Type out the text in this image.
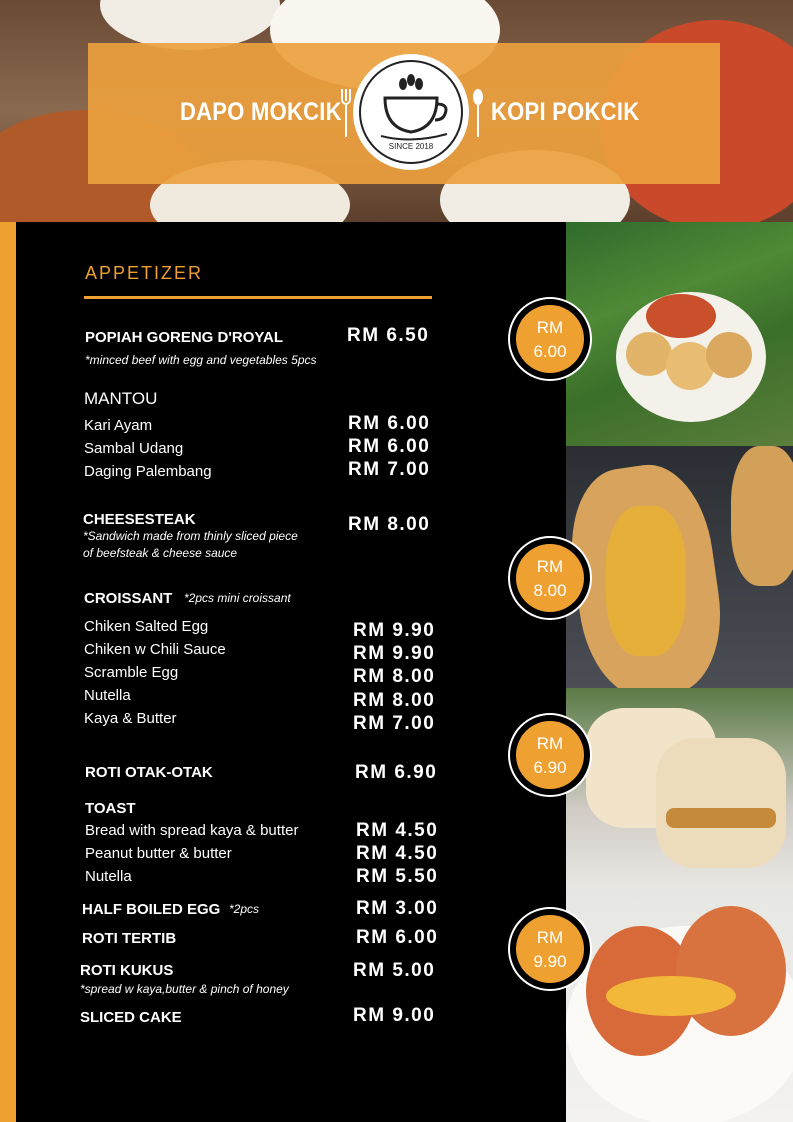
DAPO MOKCIK	KOPI POKCIK
SINCE 2018
RM
6.00
RM
8.00
RM
6.90
RM
9.90
APPETIZER
POPIAH GORENG D'ROYAL	RM 6.50
*minced beef with egg and vegetables 5pcs
MANTOU
Kari Ayam	RM 6.00
Sambal Udang	RM 6.00
Daging Palembang	RM 7.00
CHEESESTEAK	RM 8.00
*Sandwich made from thinly sliced piece
of beefsteak & cheese sauce
CROISSANT *2pcs mini croissant
Chiken Salted Egg	RM 9.90
Chiken w Chili Sauce	RM 9.90
Scramble Egg	RM 8.00
Nutella	RM 8.00
Kaya & Butter	RM 7.00
ROTI OTAK-OTAK	RM 6.90
TOAST
Bread with spread kaya & butter	RM 4.50
Peanut butter & butter	RM 4.50
Nutella	RM 5.50
HALF BOILED EGG *2pcs	RM 3.00
ROTI TERTIB	RM 6.00
ROTI KUKUS	RM 5.00
*spread w kaya,butter & pinch of honey
SLICED CAKE	RM 9.00
